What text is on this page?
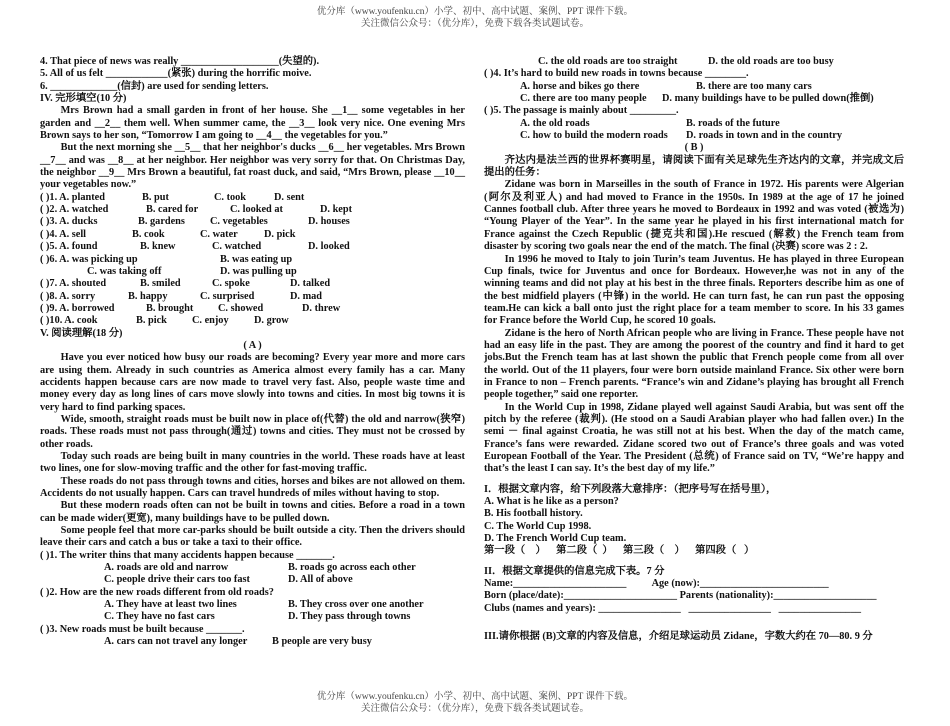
优分库（www.youfenku.cn）小学、初中、高中试题、案例、PPT 课件下载。
关注微信公众号：（优分库），免费下载各类试题试卷。

4. That piece of news was really ___________________(失望的).

5. All of us felt ____________(紧张) during the horrific moive.

6. _____________(信封) are used for sending letters.

IV. 完形填空(10 分)

Mrs Brown had a small garden in front of her house. She __1__ some vegetables in her garden and __2__ them well. When summer came, the __3__ look very nice. One evening Mrs Brown says to her son, “Tomorrow I am going to __4__ the vegetables for you.”

But the next morning she __5__ that her neighbor's ducks __6__ her vegetables. Mrs Brown __7__ and was __8__ at her neighbor. Her neighbor was very sorry for that. On Christmas Day, the neighbor __9__ Mrs Brown a beautiful, fat roast duck, and said, “Mrs Brown, please __10__ your vegetables now.”

( )1. A. planted	B. put	C. took	D. sent
( )2. A. watched	B. cared for	C. looked at	D. kept
( )3. A. ducks	B. gardens	C. vegetables	D. houses
( )4. A. sell	B. cook	C. water	D. pick
( )5. A. found	B. knew	C. watched	D. looked
( )6. A. was picking up	B. was eating up
C. was taking off	D. was pulling up
( )7. A. shouted	B. smiled	C. spoke	D. talked
( )8. A. sorry	B. happy	C. surprised	D. mad
( )9. A. borrowed	B. brought	C. showed	D. threw
( )10. A. cook	B. pick	C. enjoy	D. grow

V. 阅读理解(18 分)

( A )

Have you ever noticed how busy our roads are becoming? Every year more and more cars are using them. Already in such countries as America almost every family has a car. Many accidents happen because cars are now made to travel very fast. Also, people waste time and money every day as long lines of cars move slowly into towns and cities. In most big towns it is very hard to find parking spaces.

Wide, smooth, straight roads must be built now in place of(代替) the old and narrow(狭窄) roads. These roads must not pass through(通过) towns and cities. They must not be crossed by other roads.

Today such roads are being built in many countries in the world. These roads have at least two lines, one for slow-moving traffic and the other for fast-moving traffic.

These roads do not pass through towns and cities, horses and bikes are not allowed on them. Accidents do not usually happen. Cars can travel hundreds of miles without having to stop.

But these modern roads often can not be built in towns and cities. Before a road in a town can be made wider(更宽), many buildings have to be pulled down.

Some people feel that more car-parks should be built outside a city. Then the drivers should leave their cars and catch a bus or take a taxi to their office.

( )1. The writer thins that many accidents happen because _______.

A. roads are old and narrow	B. roads go across each other
C. people drive their cars too fast	D. All of above

( )2. How are the new roads different from old roads?

A. They have at least two lines	B. They cross over one another
C. They have no fast cars	D. They pass through towns

( )3. New roads must be built because _______.

A. cars can not travel any longer	B people are very busy
C. the old roads are too straight	D. the old roads are too busy

( )4. It’s hard to build new roads in towns because ________.

A. horse and bikes go there	B. there are too many cars
C. there are too many people	D. many buildings have to be pulled down(推倒)

( )5. The passage is mainly about _________.

A. the old roads	B. roads of the future
C. how to build the modern roads	D. roads in town and in the country

( B )

齐达内是法兰西的世界杯赛明星，请阅读下面有关足球先生齐达内的文章，并完成文后提出的任务：

Zidane was born in Marseilles in the south of France in 1972. His parents were Algerian (阿尔及利亚人) and had moved to France in the 1950s. In 1989 at the age of 17 he joined Cannes football club. After three years he moved to Bordeaux in 1992 and was voted (被选为) “Young Player of the Year”. In the same year he played in his first international match for France against the Czech Republic (捷克共和国).He rescued (解救) the French team from disaster by scoring two goals near the end of the match. The final (决赛) score was 2 : 2.

In 1996 he moved to Italy to join Turin’s team Juventus. He has played in three European Cup finals, twice for Juventus and once for Bordeaux. However,he was not in any of the winning teams and did not play at his best in the three finals. Reporters describe him as one of the best midfield players (中锋) in the world. He can turn fast, he can run past the opposing team.He can kick a ball onto just the right place for a team member to score. In his 33 games for France before the World Cup, he scored 10 goals.

Zidane is the hero of North African people who are living in France. These people have not had an easy life in the past. They are among the poorest of the country and find it hard to get jobs.But the French team has at last shown the public that French people come from all over the world. Out of the 11 players, four were born outside mainland France. Six other were born in France to non – French parents. “France’s win and Zidane’s playing has brought all French people together,” said one reporter.

In the World Cup in 1998, Zidane played well against Saudi Arabia, but was sent off the pitch by the referee (裁判). (He stood on a Saudi Arabian player who had fallen over.) In the semi － final against Croatia, he was still not at his best. When the day of the match came, France’s fans were rewarded. Zidane scored two out of France’s three goals and was voted European Football of the Year. The President (总统) of France said on TV, “We’re happy and that’s the least I can say. It’s the best day of my life.”

I．根据文章内容，给下列段落大意排序：（把序号写在括号里），

A. What is he like as a person?

B. His football history.

C. The World Cup 1998.

D. The French World Cup team.

第一段（    ）    第二段（  ）    第三段（    ）    第四段（   ）

II．根据文章提供的信息完成下表。7 分

Name:______________________          Age (now):_________________________

Born (place/date):______________________ Parents (nationality):____________________

Clubs (names and years): ________________   ________________   ________________

III.请你根据 (B)文章的内容及信息，介绍足球运动员 Zidane，字数大约在 70—80. 9 分

优分库（www.youfenku.cn）小学、初中、高中试题、案例、PPT 课件下载。
关注微信公众号：（优分库），免费下载各类试题试卷。
